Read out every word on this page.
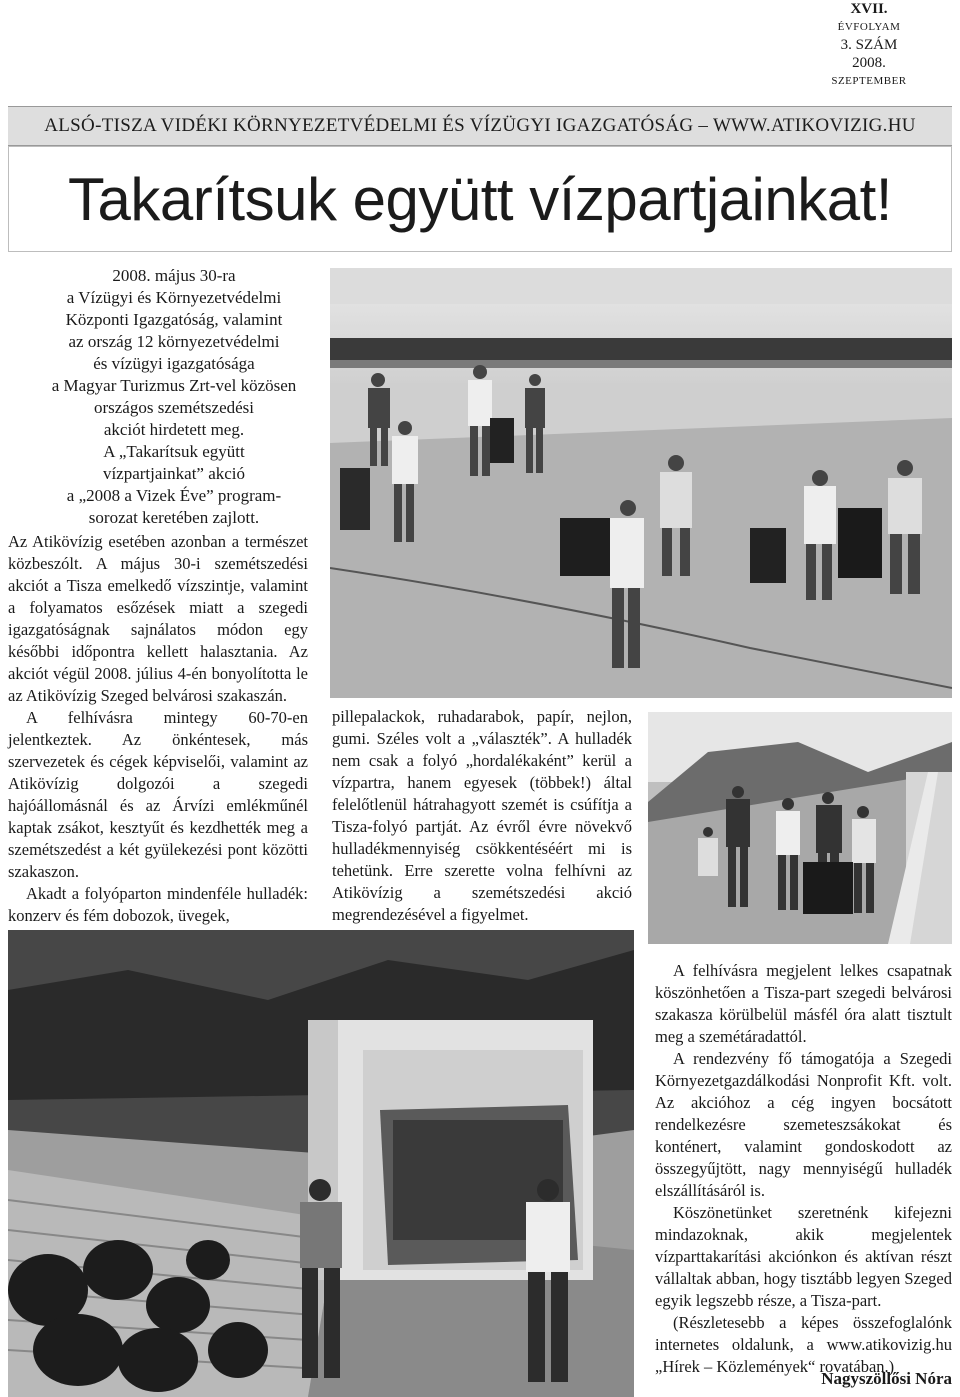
XVII.
ÉVFOLYAM
3. SZÁM
2008.
SZEPTEMBER
ALSÓ-TISZA VIDÉKI KÖRNYEZETVÉDELMI ÉS VÍZÜGYI IGAZGATÓSÁG – WWW.ATIKOVIZIG.HU
Takarítsuk együtt vízpartjainkat!

2008. május 30-ra

a Vízügyi és Környezetvédelmi

Központi Igazgatóság, valamint

az ország 12 környezetvédelmi

és vízügyi igazgatósága

a Magyar Turizmus Zrt-vel közösen

országos szemétszedési

akciót hirdetett meg.

A „Takarítsuk együtt

vízpartjainkat” akció

a „2008 a Vizek Éve” program-

sorozat keretében zajlott.

Az Atikövízig esetében azonban a természet közbeszólt. A május 30-i szemétszedési akciót a Tisza emelkedő vízszintje, valamint a folyamatos esőzések miatt a szegedi igazgatóságnak sajnálatos módon egy későbbi időpontra kellett halasztania. Az akciót végül 2008. július 4-én bonyolította le az Atikövízig Szeged belvárosi szakaszán.

A felhívásra mintegy 60-70-en jelentkeztek. Az önkéntesek, más szervezetek és cégek képviselői, valamint az Atikövízig dolgozói a szegedi hajóállomásnál és az Árvízi emlékműnél kaptak zsákot, kesztyűt és kezdhették meg a szemétszedést a két gyülekezési pont közötti szakaszon.

Akadt a folyóparton mindenféle hulladék: konzerv és fém dobozok, üvegek,

pillepalackok, ruhadarabok, papír, nejlon, gumi. Széles volt a „választék”. A hulladék nem csak a folyó „hordalékaként” kerül a vízpartra, hanem egyesek (többek!) által felelőtlenül hátrahagyott szemét is csúfítja a Tisza-folyó partját. Az évről évre növekvő hulladékmennyiség csökkentéséért mi is tehetünk. Erre szerette volna felhívni az Atikövízig a szemétszedési akció megrendezésével a figyelmet.

A felhívásra megjelent lelkes csapatnak köszönhetően a Tisza-part szegedi belvárosi szakasza körülbelül másfél óra alatt tisztult meg a szemétáradattól.

A rendezvény fő támogatója a Szegedi Környezetgazdálkodási Nonprofit Kft. volt. Az akcióhoz a cég ingyen bocsátott rendelkezésre szemeteszsákokat és konténert, valamint gondoskodott az összegyűjtött, nagy mennyiségű hulladék elszállításáról is.

Köszönetünket szeretnénk kifejezni mindazoknak, akik megjelentek vízparttakarítási akciónkon és aktívan részt vállaltak abban, hogy tisztább legyen Szeged egyik legszebb része, a Tisza-part.

(Részletesebb a képes összefoglalónk internetes oldalunk, a www.atikovizig.hu „Hírek – Közlemények“ rovatában.)

Nagyszöllősi Nóra
